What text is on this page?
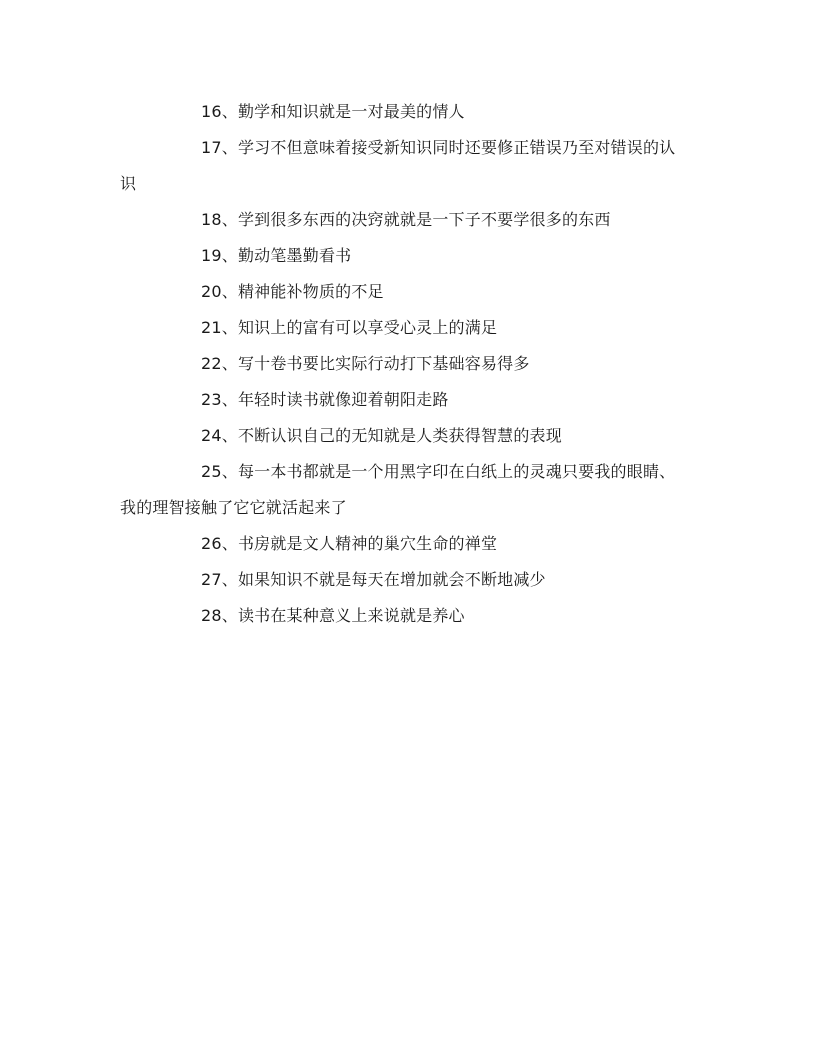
16、勤学和知识就是一对最美的情人

17、学习不但意味着接受新知识同时还要修正错误乃至对错误的认识

18、学到很多东西的决窍就就是一下子不要学很多的东西

19、勤动笔墨勤看书

20、精神能补物质的不足

21、知识上的富有可以享受心灵上的满足

22、写十卷书要比实际行动打下基础容易得多

23、年轻时读书就像迎着朝阳走路

24、不断认识自己的无知就是人类获得智慧的表现

25、每一本书都就是一个用黑字印在白纸上的灵魂只要我的眼睛、我的理智接触了它它就活起来了

26、书房就是文人精神的巢穴生命的禅堂

27、如果知识不就是每天在增加就会不断地减少

28、读书在某种意义上来说就是养心
